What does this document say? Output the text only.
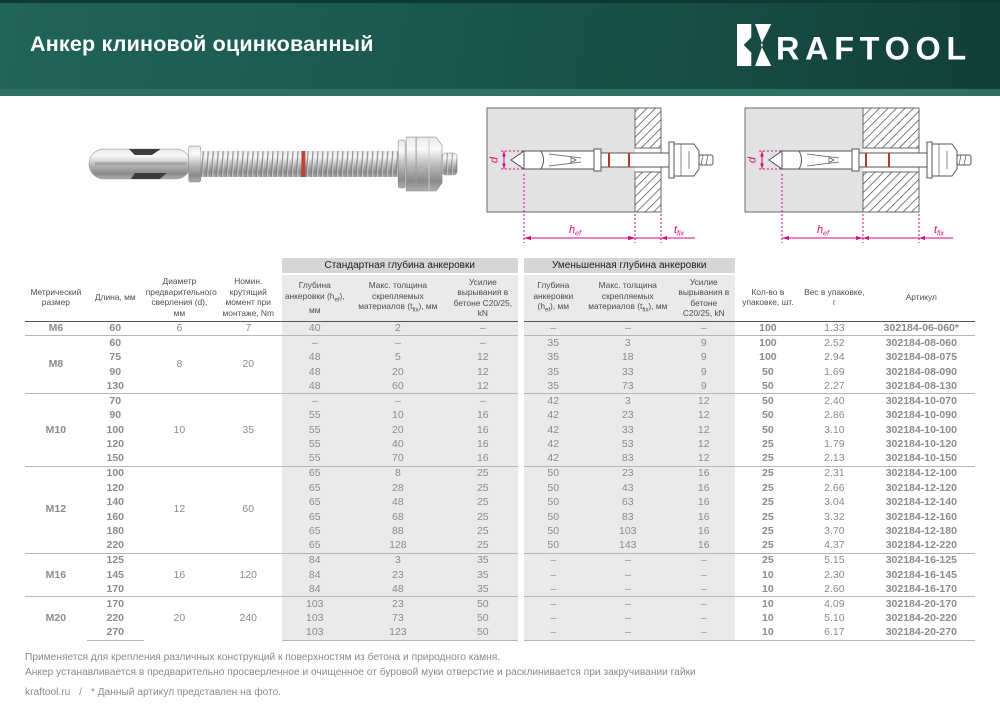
Анкер клиновой оцинкованный	RAFTOOL
d
$h_{ef}$	$t_{fix}$
d
$h_{ef}$	$t_{fix}$
				Стандартная глубина анкеровки			Уменьшенная глубина анкеровки					
Метрический размер	Длина, мм	Диаметр предварительного сверления (d), мм	Номин. крутящий момент при монтаже, Nm	Глубина анкеровки $(h_{ef})$, мм	Макс. толщина скрепляемых материалов $(t_{fix})$, мм	Усилие вырывания в бетоне C20/25, kN	Глубина анкеровки $(h_{ef})$, мм	Макс. толщина скрепляемых материалов $(t_{fix})$, мм	Усилие вырывания в бетоне C20/25, kN	Кол-во в упаковке, шт.	Вес в упаковке, г	Артикул
М6	60	6	7	40	2	–	–	–	–	100	1.33	302184-06-060*
М8	60	8	20	–	–	–	35	3	9	100	2.52	302184-08-060
	75			48	5	12	35	18	9	100	2.94	302184-08-075
	90			48	20	12	35	33	9	50	1.69	302184-08-090
	130			48	60	12	35	73	9	50	2.27	302184-08-130
М10	70	10	35	–	–	–	42	3	12	50	2.40	302184-10-070
	90			55	10	16	42	23	12	50	2.86	302184-10-090
	100			55	20	16	42	33	12	50	3.10	302184-10-100
	120			55	40	16	42	53	12	25	1.79	302184-10-120
	150			55	70	16	42	83	12	25	2.13	302184-10-150
М12	100	12	60	65	8	25	50	23	16	25	2.31	302184-12-100
	120			65	28	25	50	43	16	25	2.66	302184-12-120
	140			65	48	25	50	63	16	25	3.04	302184-12-140
	160			65	68	25	50	83	16	25	3.32	302184-12-160
	180			65	88	25	50	103	16	25	3.70	302184-12-180
	220			65	128	25	50	143	16	25	4.37	302184-12-220
М16	125	16	120	84	3	35	–	–	–	25	5.15	302184-16-125
	145			84	23	35	–	–	–	10	2.30	302184-16-145
	170			84	48	35	–	–	–	10	2.60	302184-16-170
М20	170	20	240	103	23	50	–	–	–	10	4.09	302184-20-170
	220			103	73	50	–	–	–	10	5.10	302184-20-220
	270			103	123	50	–	–	–	10	6.17	302184-20-270
Применяется для крепления различных конструкций к поверхностям из бетона и природного камня.
Анкер устанавливается в предварительно просверленное и очищенное от буровой муки отверстие и расклинивается при закручивании гайки
kraftool.ru / * Данный артикул представлен на фото.
